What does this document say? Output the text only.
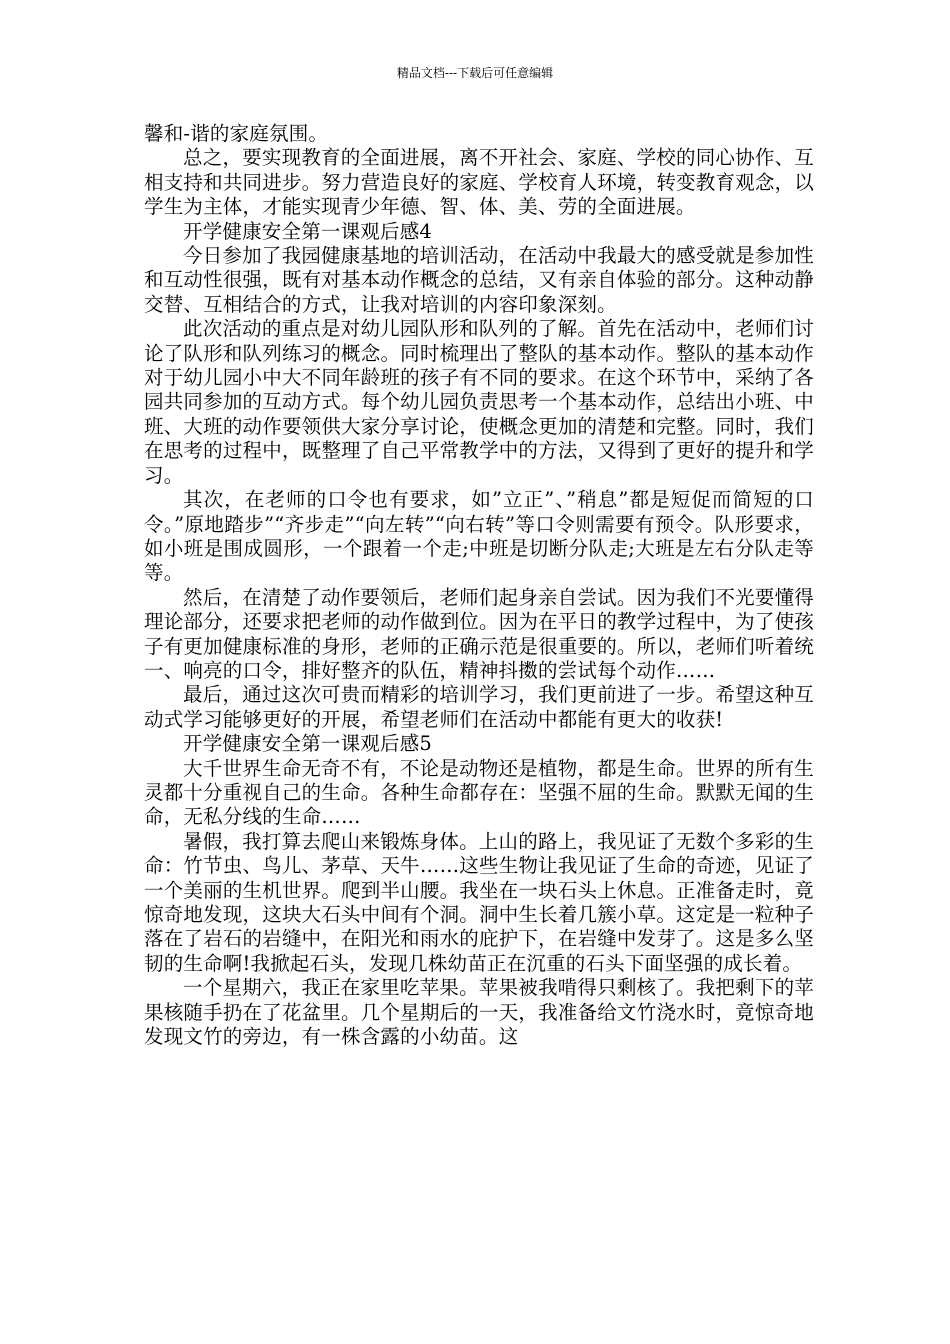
精品文档---下载后可任意编辑

馨和-谐的家庭氛围。

总之，要实现教育的全面进展，离不开社会、家庭、学校的同心协作、互相支持和共同进步。努力营造良好的家庭、学校育人环境，转变教育观念，以学生为主体，才能实现青少年德、智、体、美、劳的全面进展。

开学健康安全第一课观后感4

今日参加了我园健康基地的培训活动，在活动中我最大的感受就是参加性和互动性很强，既有对基本动作概念的总结，又有亲自体验的部分。这种动静交替、互相结合的方式，让我对培训的内容印象深刻。

此次活动的重点是对幼儿园队形和队列的了解。首先在活动中，老师们讨论了队形和队列练习的概念。同时梳理出了整队的基本动作。整队的基本动作对于幼儿园小中大不同年龄班的孩子有不同的要求。在这个环节中，采纳了各园共同参加的互动方式。每个幼儿园负责思考一个基本动作，总结出小班、中班、大班的动作要领供大家分享讨论，使概念更加的清楚和完整。同时，我们在思考的过程中，既整理了自己平常教学中的方法，又得到了更好的提升和学习。

其次，在老师的口令也有要求，如”立正”、”稍息”都是短促而简短的口令。”原地踏步”“齐步走”“向左转”“向右转”等口令则需要有预令。队形要求，如小班是围成圆形，一个跟着一个走;中班是切断分队走;大班是左右分队走等等。

然后，在清楚了动作要领后，老师们起身亲自尝试。因为我们不光要懂得理论部分，还要求把老师的动作做到位。因为在平日的教学过程中，为了使孩子有更加健康标准的身形，老师的正确示范是很重要的。所以，老师们听着统一、响亮的口令，排好整齐的队伍，精神抖擞的尝试每个动作……

最后，通过这次可贵而精彩的培训学习，我们更前进了一步。希望这种互动式学习能够更好的开展，希望老师们在活动中都能有更大的收获!

开学健康安全第一课观后感5

大千世界生命无奇不有，不论是动物还是植物，都是生命。世界的所有生灵都十分重视自己的生命。各种生命都存在：坚强不屈的生命。默默无闻的生命，无私分线的生命……

暑假，我打算去爬山来锻炼身体。上山的路上，我见证了无数个多彩的生命：竹节虫、鸟儿、茅草、天牛……这些生物让我见证了生命的奇迹，见证了一个美丽的生机世界。爬到半山腰。我坐在一块石头上休息。正准备走时，竟惊奇地发现，这块大石头中间有个洞。洞中生长着几簇小草。这定是一粒种子落在了岩石的岩缝中，在阳光和雨水的庇护下，在岩缝中发芽了。这是多么坚韧的生命啊!我掀起石头，发现几株幼苗正在沉重的石头下面坚强的成长着。

一个星期六，我正在家里吃苹果。苹果被我啃得只剩核了。我把剩下的苹果核随手扔在了花盆里。几个星期后的一天，我准备给文竹浇水时，竟惊奇地发现文竹的旁边，有一株含露的小幼苗。这
